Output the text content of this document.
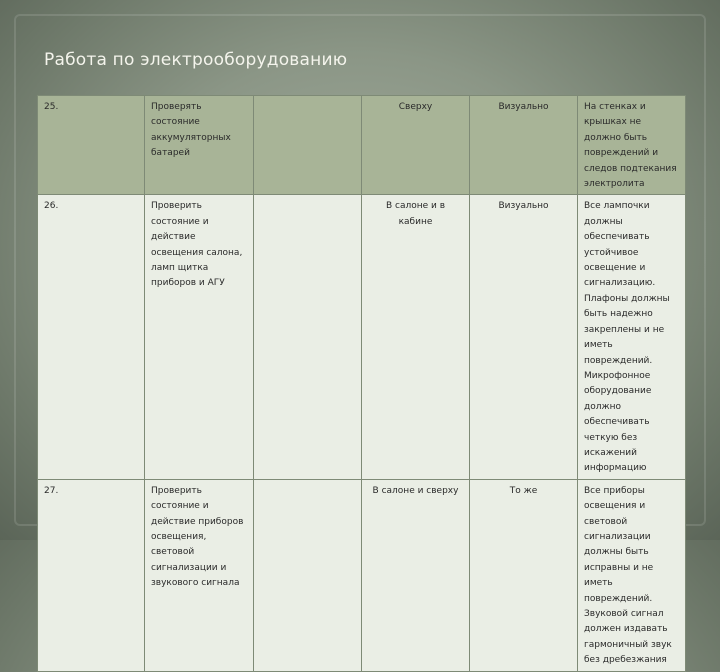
Работа по электрооборудованию
25.	Проверять состояние аккумуляторных батарей		Сверху	Визуально	На стенках и крышках не должно быть повреждений и следов подтекания электролита
26.	Проверить состояние и действие освещения салона, ламп щитка приборов и АГУ		В салоне и в кабине	Визуально	Все лампочки должны обеспечивать устойчивое освещение и сигнализацию. Плафоны должны быть надежно закреплены и не иметь повреждений. Микрофонное оборудование должно обеспечивать четкую без искажений информацию
27.	Проверить состояние и действие приборов освещения, световой сигнализации и звукового сигнала		В салоне и сверху	То же	Все приборы освещения и световой сигнализации должны быть исправны и не иметь повреждений. Звуковой сигнал должен издавать гармоничный звук без дребезжания
